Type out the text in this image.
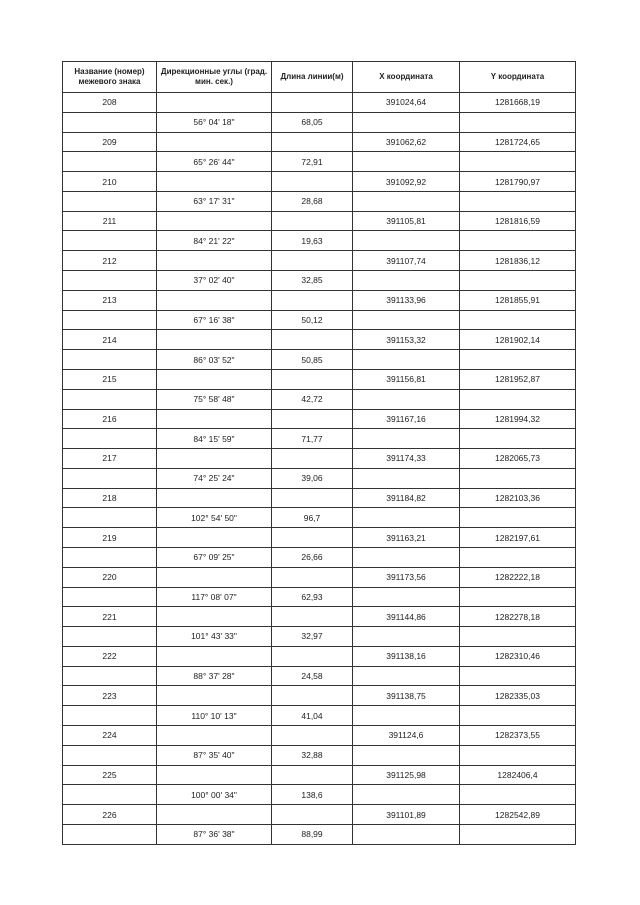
Название (номер) межевого знака	Дирекционные углы (град. мин. сек.)	Длина линии(м)	Х координата	Y координата
208			391024,64	1281668,19
	56° 04' 18"	68,05		
209			391062,62	1281724,65
	65° 26' 44"	72,91		
210			391092,92	1281790,97
	63° 17' 31"	28,68		
211			391105,81	1281816,59
	84° 21' 22"	19,63		
212			391107,74	1281836,12
	37° 02' 40"	32,85		
213			391133,96	1281855,91
	67° 16' 38"	50,12		
214			391153,32	1281902,14
	86° 03' 52"	50,85		
215			391156,81	1281952,87
	75° 58' 48"	42,72		
216			391167,16	1281994,32
	84° 15' 59"	71,77		
217			391174,33	1282065,73
	74° 25' 24"	39,06		
218			391184,82	1282103,36
	102° 54' 50"	96,7		
219			391163,21	1282197,61
	67° 09' 25"	26,66		
220			391173,56	1282222,18
	117° 08' 07"	62,93		
221			391144,86	1282278,18
	101° 43' 33"	32,97		
222			391138,16	1282310,46
	88° 37' 28"	24,58		
223			391138,75	1282335,03
	110° 10' 13"	41,04		
224			391124,6	1282373,55
	87° 35' 40"	32,88		
225			391125,98	1282406,4
	100° 00' 34"	138,6		
226			391101,89	1282542,89
	87° 36' 38"	88,99		
